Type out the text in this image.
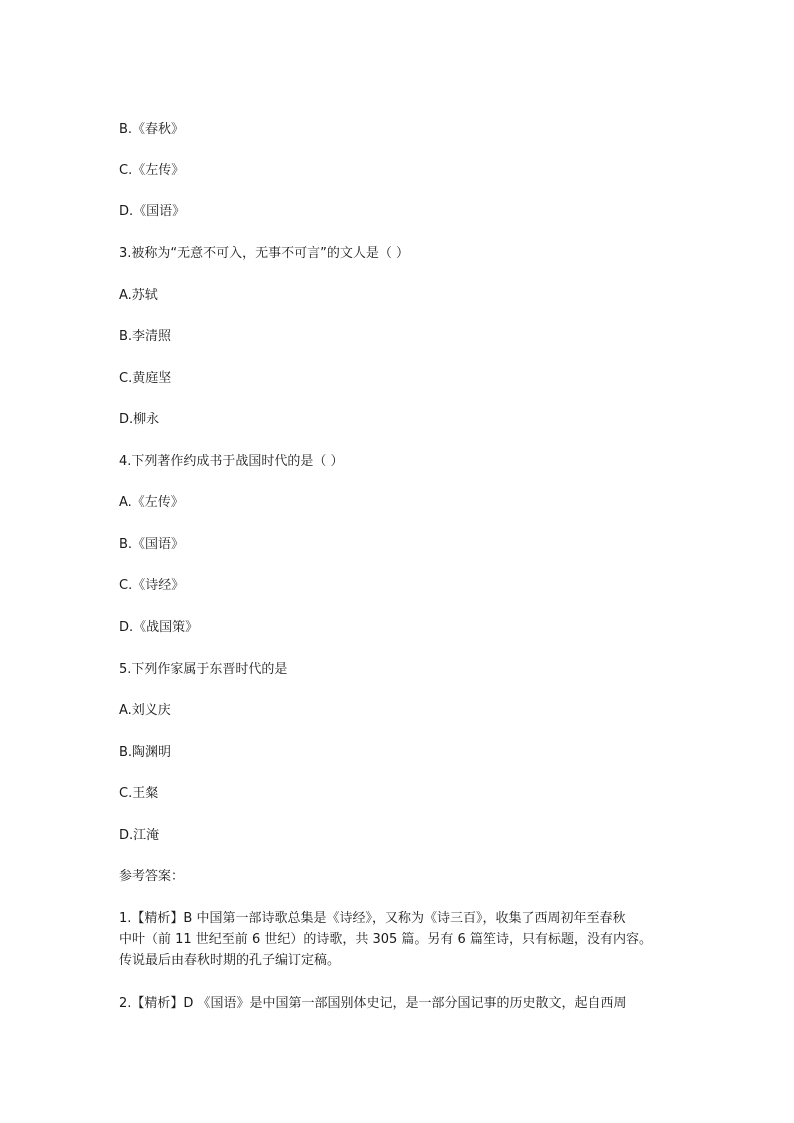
B.《春秋》
C.《左传》
D.《国语》
3.被称为“无意不可入，无事不可言”的文人是（ ）
A.苏轼
B.李清照
C.黄庭坚
D.柳永
4.下列著作约成书于战国时代的是（ ）
A.《左传》
B.《国语》
C.《诗经》
D.《战国策》
5.下列作家属于东晋时代的是
A.刘义庆
B.陶渊明
C.王粲
D.江淹
参考答案：
1.【精析】B 中国第一部诗歌总集是《诗经》，又称为《诗三百》，收集了西周初年至春秋
中叶（前 11 世纪至前 6 世纪）的诗歌，共 305 篇。另有 6 篇笙诗，只有标题，没有内容。
传说最后由春秋时期的孔子编订定稿。
2.【精析】D 《国语》是中国第一部国别体史记，是一部分国记事的历史散文，起自西周
